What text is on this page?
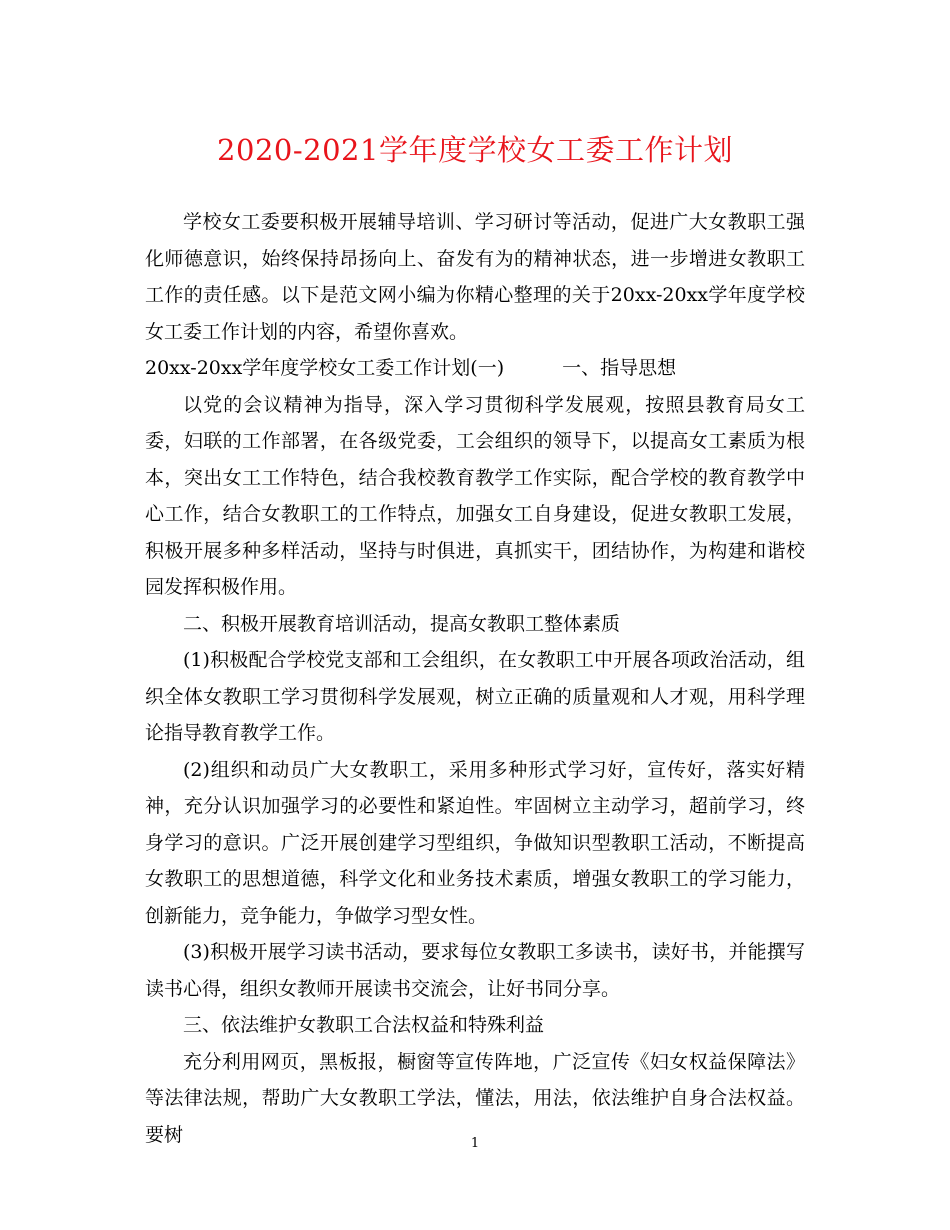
2020-2021学年度学校女工委工作计划

学校女工委要积极开展辅导培训、学习研讨等活动，促进广大女教职工强化师德意识，始终保持昂扬向上、奋发有为的精神状态，进一步增进女教职工工作的责任感。以下是范文网小编为你精心整理的关于20xx-20xx学年度学校女工委工作计划的内容，希望你喜欢。

20xx-20xx学年度学校女工委工作计划(一)	一、指导思想

以党的会议精神为指导，深入学习贯彻科学发展观，按照县教育局女工委，妇联的工作部署，在各级党委，工会组织的领导下，以提高女工素质为根本，突出女工工作特色，结合我校教育教学工作实际，配合学校的教育教学中心工作，结合女教职工的工作特点，加强女工自身建设，促进女教职工发展，积极开展多种多样活动，坚持与时俱进，真抓实干，团结协作，为构建和谐校园发挥积极作用。

二、积极开展教育培训活动，提高女教职工整体素质

(1)积极配合学校党支部和工会组织，在女教职工中开展各项政治活动，组织全体女教职工学习贯彻科学发展观，树立正确的质量观和人才观，用科学理论指导教育教学工作。

(2)组织和动员广大女教职工，采用多种形式学习好，宣传好，落实好精神，充分认识加强学习的必要性和紧迫性。牢固树立主动学习，超前学习，终身学习的意识。广泛开展创建学习型组织，争做知识型教职工活动，不断提高女教职工的思想道德，科学文化和业务技术素质，增强女教职工的学习能力，创新能力，竞争能力，争做学习型女性。

(3)积极开展学习读书活动，要求每位女教职工多读书，读好书，并能撰写读书心得，组织女教师开展读书交流会，让好书同分享。

三、依法维护女教职工合法权益和特殊利益

充分利用网页，黑板报，橱窗等宣传阵地，广泛宣传《妇女权益保障法》等法律法规，帮助广大女教职工学法，懂法，用法，依法维护自身合法权益。要树	1
